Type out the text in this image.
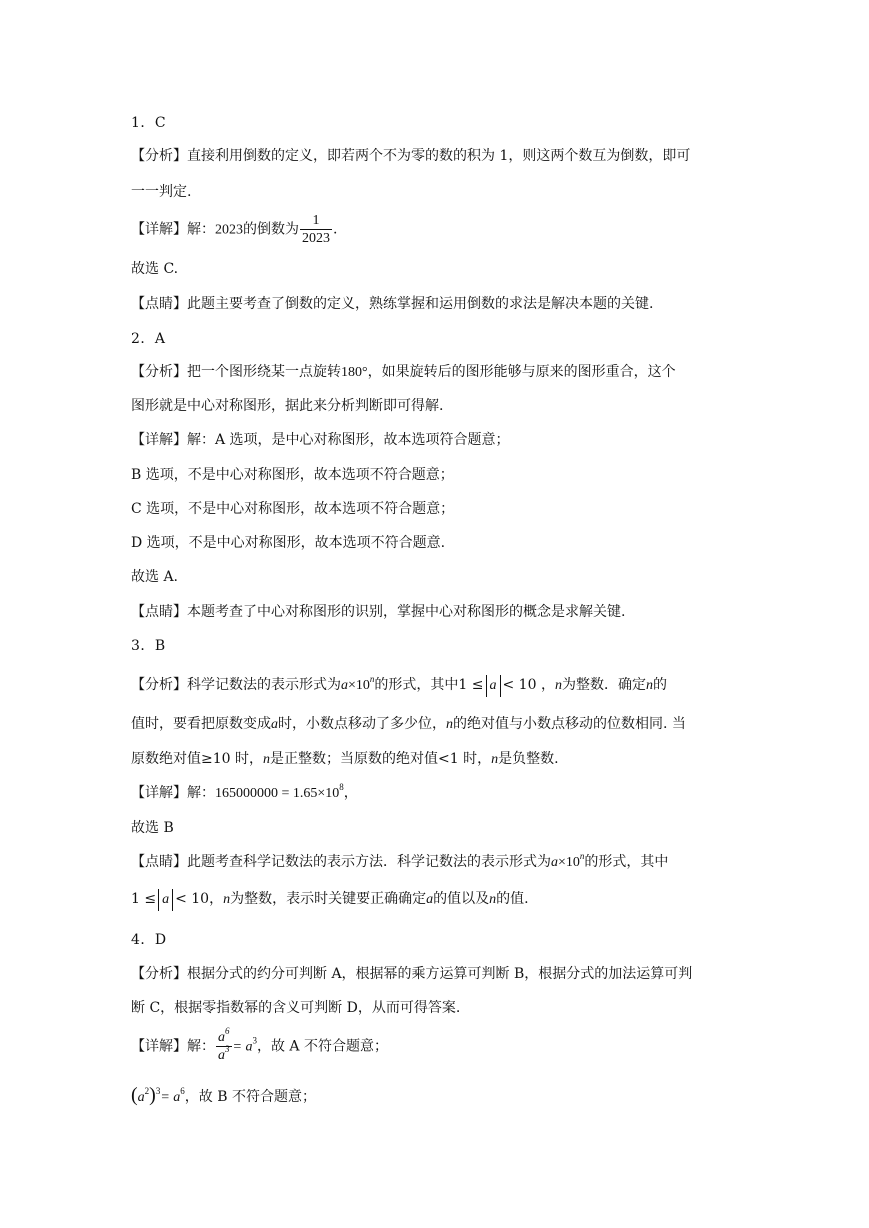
1．C
【分析】直接利用倒数的定义，即若两个不为零的数的积为 1，则这两个数互为倒数，即可
一一判定.
【详解】解：2023的倒数为 $\frac{1}{2023}$ .
故选 C.
【点睛】此题主要考查了倒数的定义，熟练掌握和运用倒数的求法是解决本题的关键.
2．A
【分析】把一个图形绕某一点旋转180°，如果旋转后的图形能够与原来的图形重合，这个
图形就是中心对称图形，据此来分析判断即可得解.
【详解】解：A 选项，是中心对称图形，故本选项符合题意；
B 选项，不是中心对称图形，故本选项不符合题意；
C 选项，不是中心对称图形，故本选项不符合题意；
D 选项，不是中心对称图形，故本选项不符合题意.
故选 A.
【点睛】本题考查了中心对称图形的识别，掌握中心对称图形的概念是求解关键.
3．B
【分析】科学记数法的表示形式为$a\times 10^n$的形式，其中1 ≤ a < 10 ，n为整数．确定n的
值时，要看把原数变成a时，小数点移动了多少位，n的绝对值与小数点移动的位数相同. 当
原数绝对值≥10 时，n是正整数；当原数的绝对值<1 时，n是负整数.
【详解】解：$165000000 = 1.65\times 10^8$，
故选 B
【点睛】此题考查科学记数法的表示方法．科学记数法的表示形式为$a\times 10^n$的形式，其中
1 ≤ a < 10，n为整数，表示时关键要正确确定a的值以及n的值.
4．D
【分析】根据分式的约分可判断 A，根据幂的乘方运算可判断 B，根据分式的加法运算可判
断 C，根据零指数幂的含义可判断 D，从而可得答案.
【详解】解： $\frac{a^6}{a^3} = a^3$，故 A 不符合题意；
$(a^2)^3= a^6$，故 B 不符合题意；
